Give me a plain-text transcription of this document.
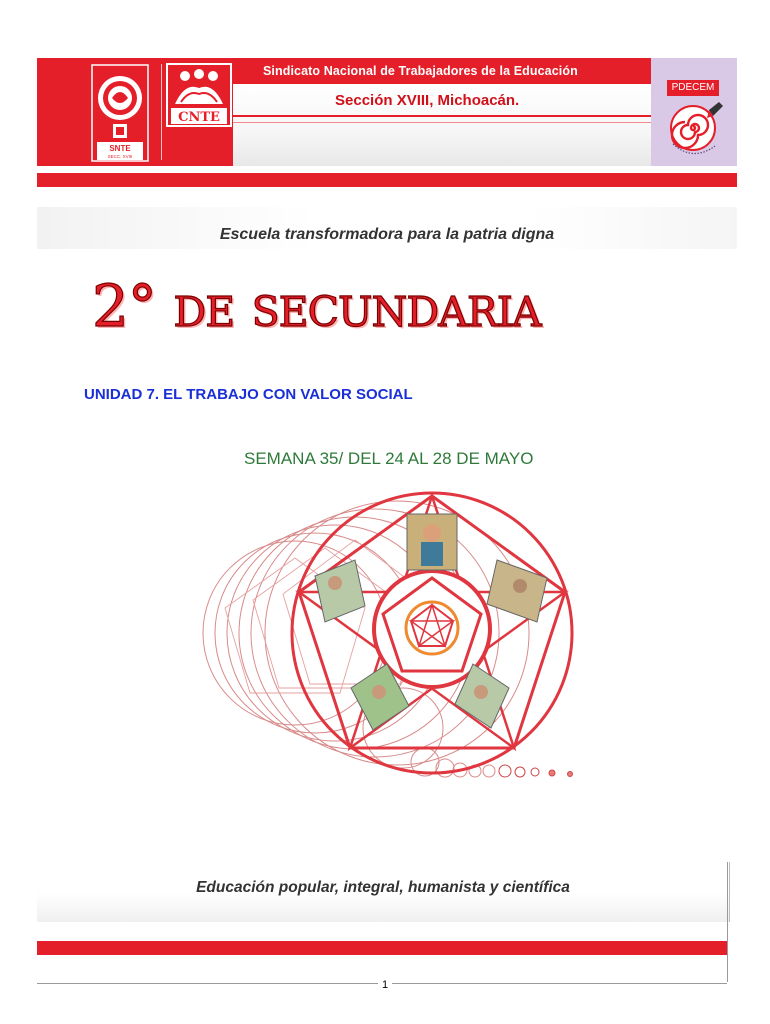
Sindicato Nacional de Trabajadores de la Educación
Sección XVIII, Michoacán.
SNTE
SECC. XVIII
CNTE
PDECEM
Escuela transformadora para la patria digna
2° de secundaria
UNIDAD 7. EL TRABAJO CON VALOR SOCIAL
SEMANA 35/ DEL 24 AL 28 DE MAYO
Educación popular, integral, humanista y científica
1
